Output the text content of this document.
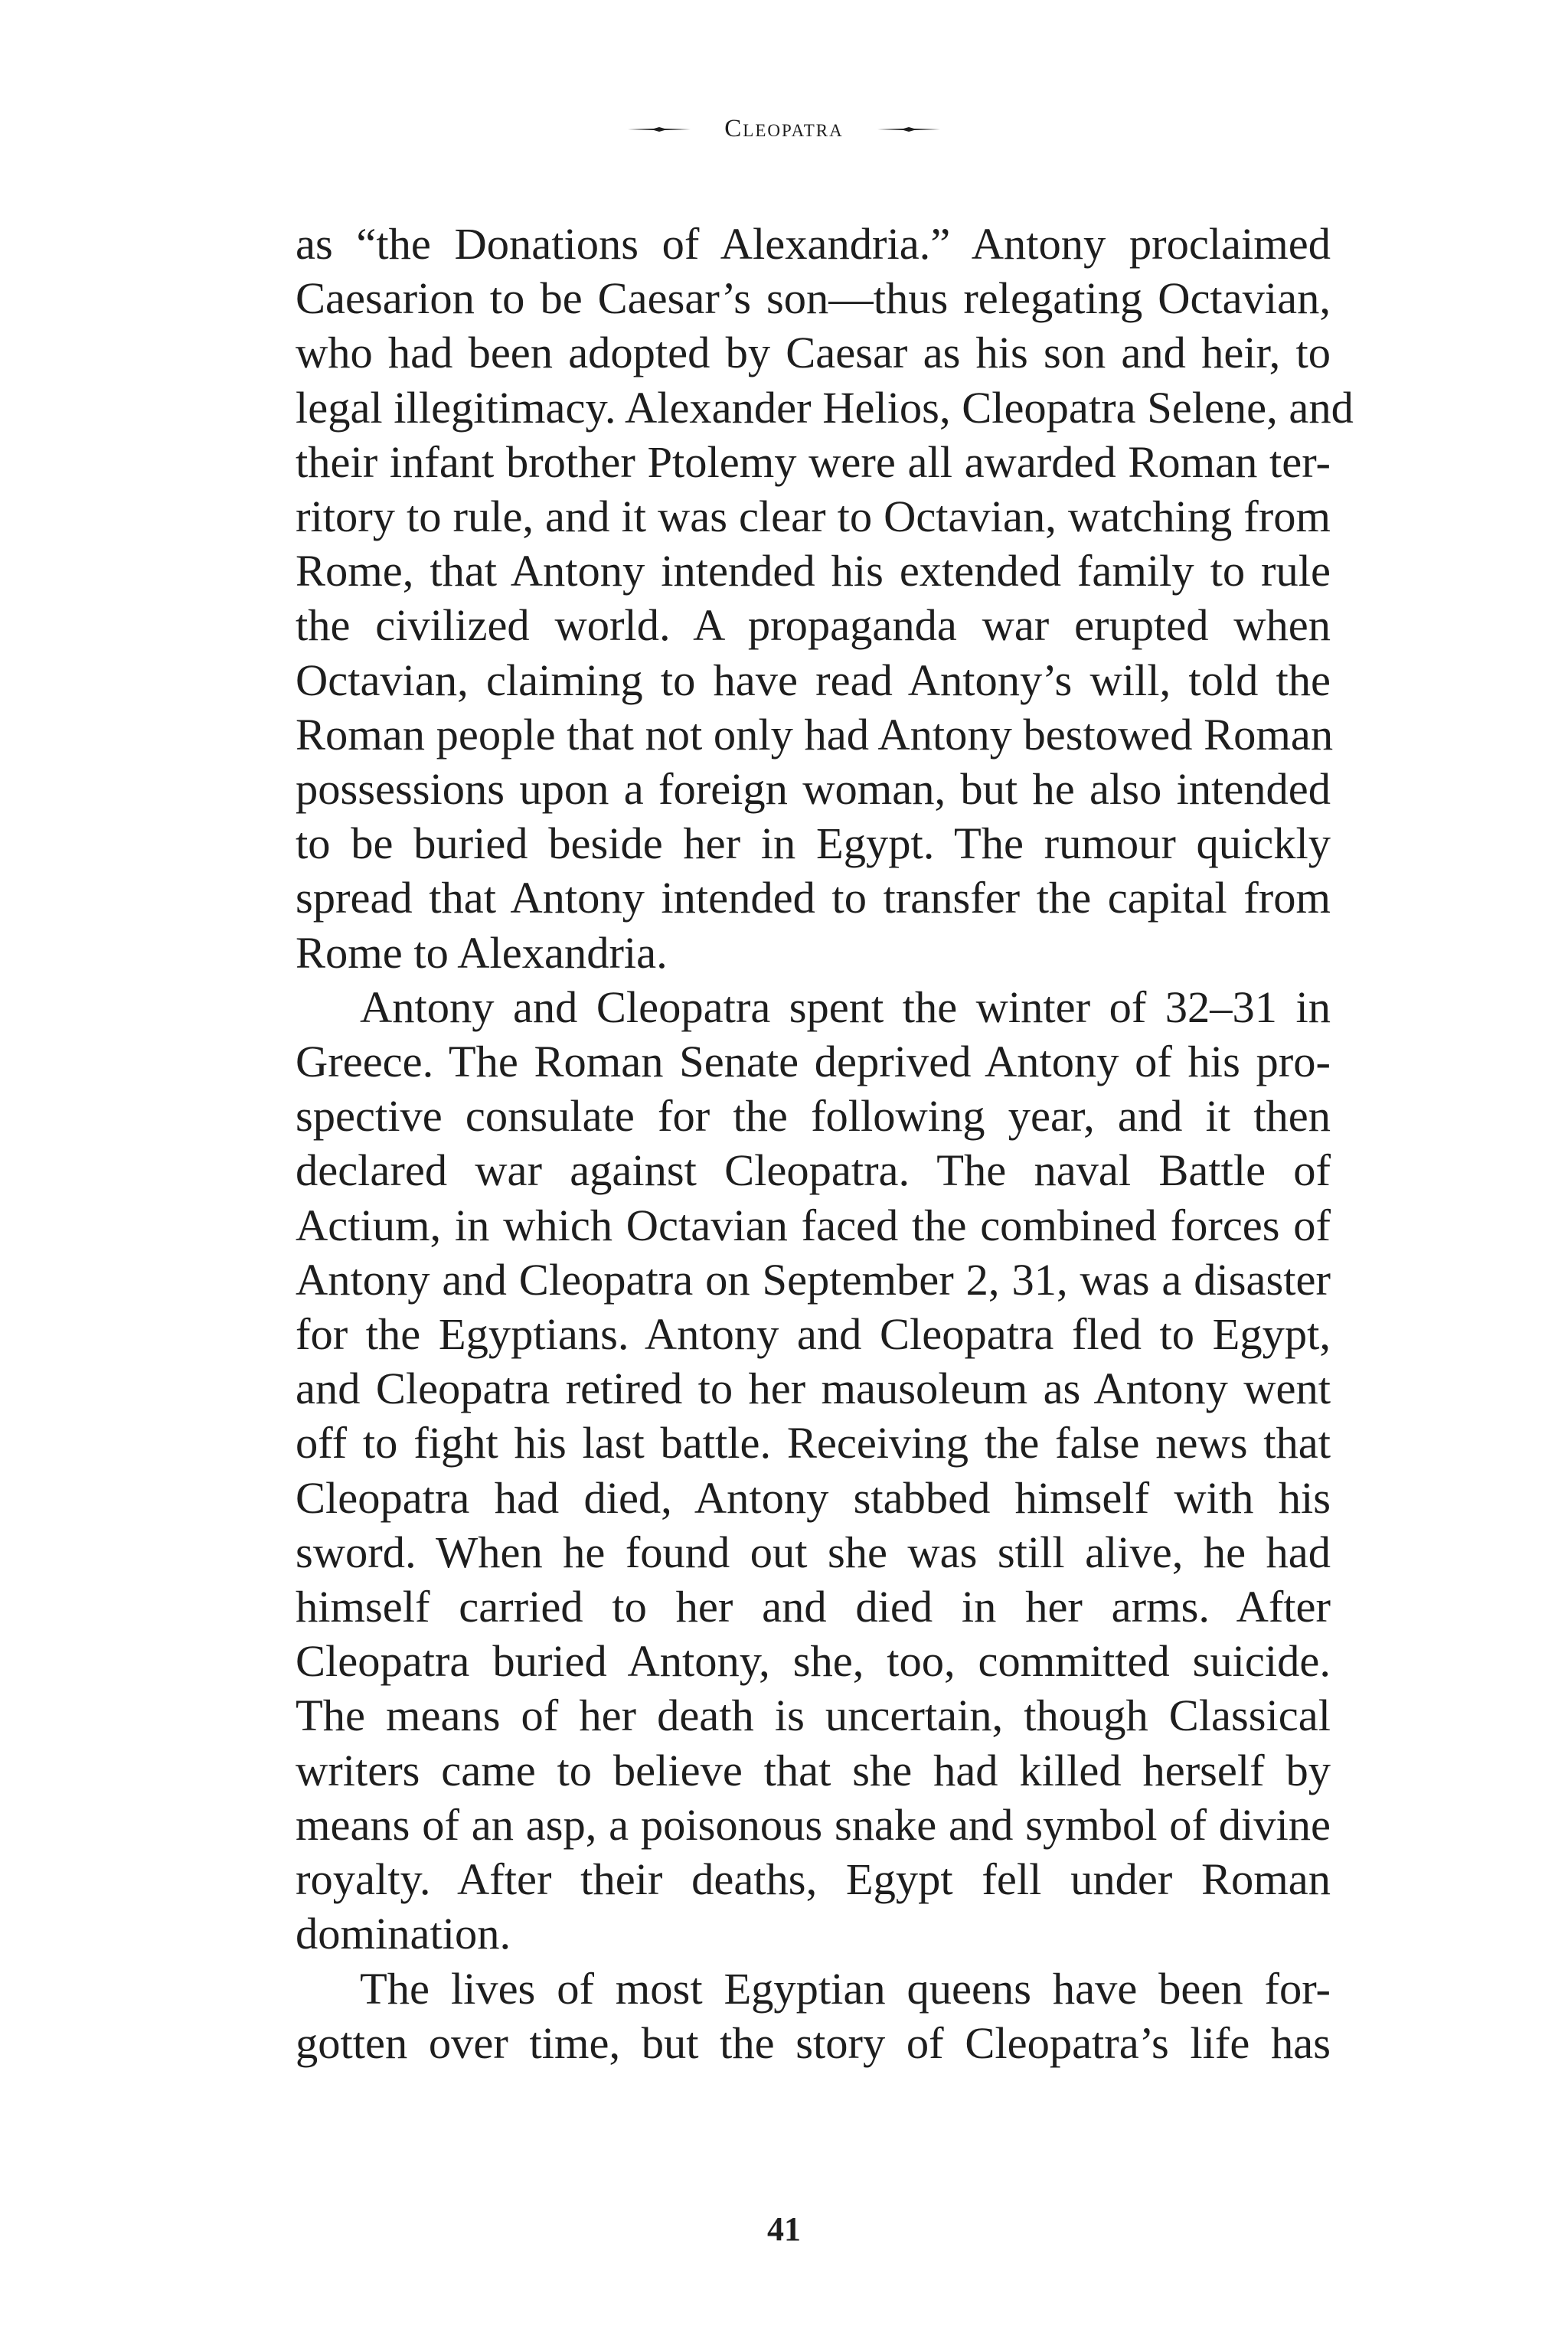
Cleopatra
as “the Donations of Alexandria.” Antony proclaimed
Caesarion to be Caesar’s son—thus relegating Octavian,
who had been adopted by Caesar as his son and heir, to
legal illegitimacy. Alexander Helios, Cleopatra Selene, and
their infant brother Ptolemy were all awarded Roman ter-
ritory to rule, and it was clear to Octavian, watching from
Rome, that Antony intended his extended family to rule
the civilized world. A propaganda war erupted when
Octavian, claiming to have read Antony’s will, told the
Roman people that not only had Antony bestowed Roman
possessions upon a foreign woman, but he also intended
to be buried beside her in Egypt. The rumour quickly
spread that Antony intended to transfer the capital from
Rome to Alexandria.
Antony and Cleopatra spent the winter of 32–31 in
Greece. The Roman Senate deprived Antony of his pro-
spective consulate for the following year, and it then
declared war against Cleopatra. The naval Battle of
Actium, in which Octavian faced the combined forces of
Antony and Cleopatra on September 2, 31, was a disaster
for the Egyptians. Antony and Cleopatra fled to Egypt,
and Cleopatra retired to her mausoleum as Antony went
off to fight his last battle. Receiving the false news that
Cleopatra had died, Antony stabbed himself with his
sword. When he found out she was still alive, he had
himself carried to her and died in her arms. After
Cleopatra buried Antony, she, too, committed suicide.
The means of her death is uncertain, though Classical
writers came to believe that she had killed herself by
means of an asp, a poisonous snake and symbol of divine
royalty. After their deaths, Egypt fell under Roman
domination.
The lives of most Egyptian queens have been for-
gotten over time, but the story of Cleopatra’s life has
41
